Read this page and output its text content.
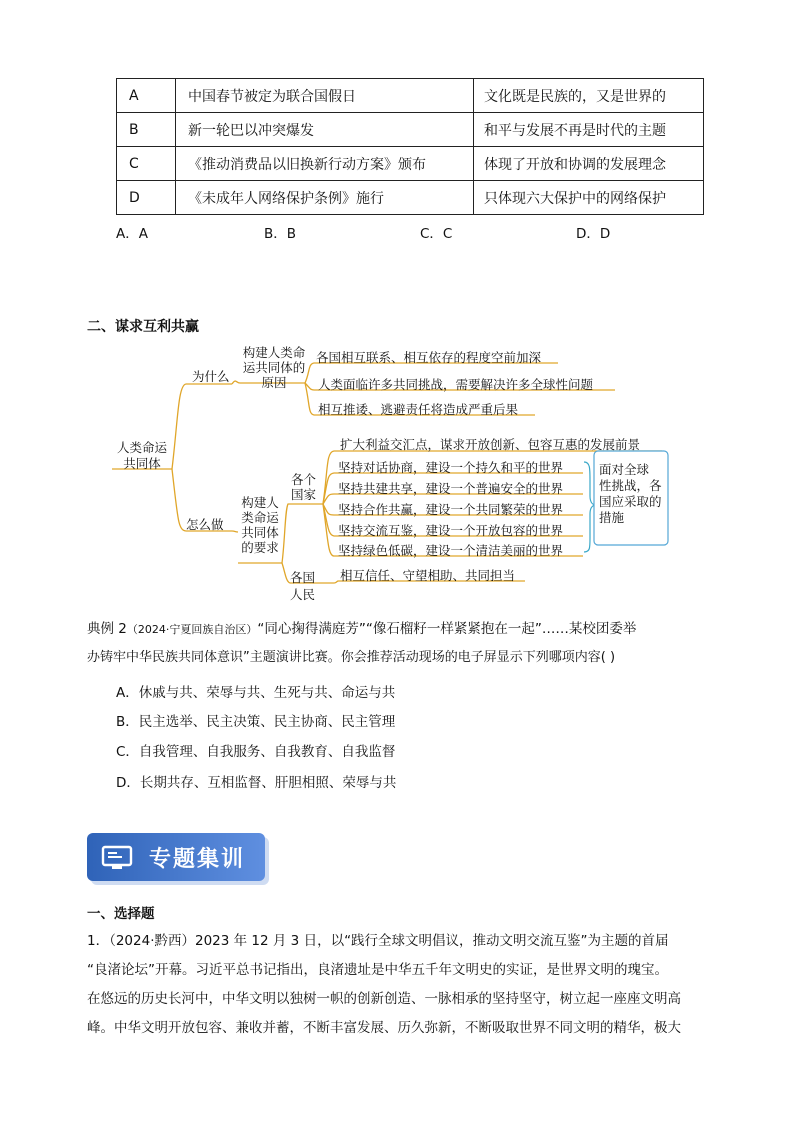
A	中国春节被定为联合国假日	文化既是民族的，又是世界的
B	新一轮巴以冲突爆发	和平与发展不再是时代的主题
C	《推动消费品以旧换新行动方案》颁布	体现了开放和协调的发展理念
D	《未成年人网络保护条例》施行	只体现六大保护中的网络保护
A．A	B．B	C．C	D．D
二、谋求互利共赢
人类命运
共同体
为什么
构建人类命
运共同体的
原因
各国相互联系、相互依存的程度空前加深
人类面临许多共同挑战，需要解决许多全球性问题
相互推诿、逃避责任将造成严重后果
怎么做
构建人
类命运
共同体
的要求
各个
国家
扩大利益交汇点，谋求开放创新、包容互惠的发展前景
坚持对话协商，建设一个持久和平的世界
坚持共建共享，建设一个普遍安全的世界
坚持合作共赢，建设一个共同繁荣的世界
坚持交流互鉴，建设一个开放包容的世界
坚持绿色低碳，建设一个清洁美丽的世界
面对全球
性挑战，各
国应采取的
措施
各国
人民
相互信任、守望相助、共同担当
典例 2（2024·宁夏回族自治区）“同心掬得满庭芳”“像石榴籽一样紧紧抱在一起”……某校团委举
办铸牢中华民族共同体意识”主题演讲比赛。你会推荐活动现场的电子屏显示下列哪项内容( )
A．休戚与共、荣辱与共、生死与共、命运与共
B．民主选举、民主决策、民主协商、民主管理
C．自我管理、自我服务、自我教育、自我监督
D．长期共存、互相监督、肝胆相照、荣辱与共
专题集训
一、选择题
1．（2024·黔西）2023 年 12 月 3 日，以“践行全球文明倡议，推动文明交流互鉴”为主题的首届
“良渚论坛”开幕。习近平总书记指出，良渚遗址是中华五千年文明史的实证，是世界文明的瑰宝。
在悠远的历史长河中，中华文明以独树一帜的创新创造、一脉相承的坚持坚守，树立起一座座文明高
峰。中华文明开放包容、兼收并蓄，不断丰富发展、历久弥新，不断吸取世界不同文明的精华，极大
